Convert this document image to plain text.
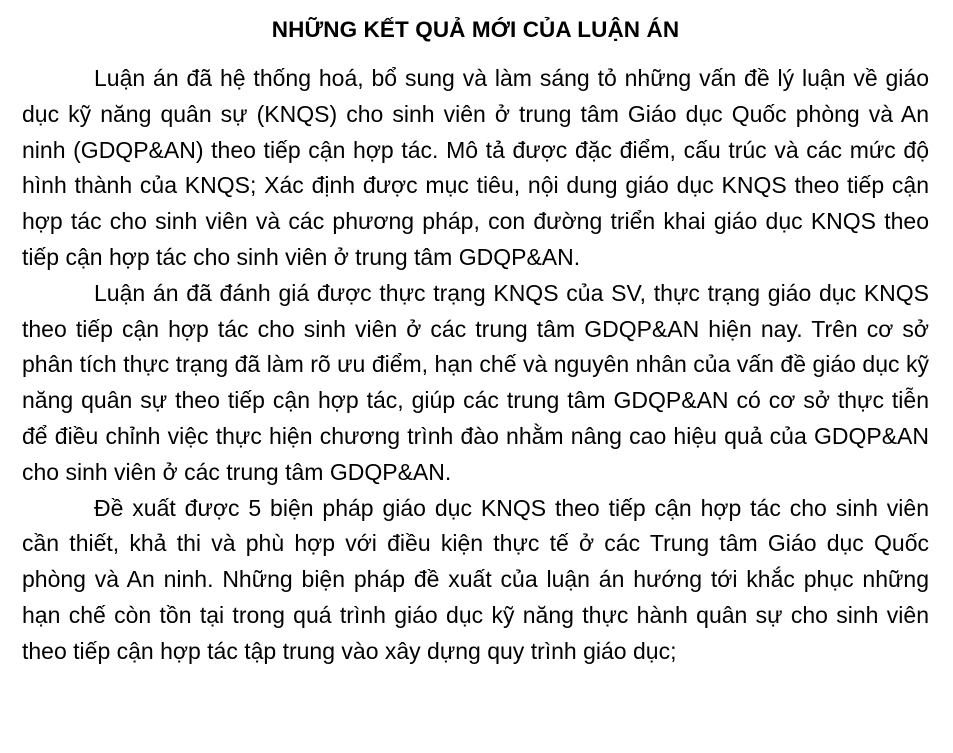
NHỮNG KẾT QUẢ MỚI CỦA LUẬN ÁN

Luận án đã hệ thống hoá, bổ sung và làm sáng tỏ những vấn đề lý luận về giáo dục kỹ năng quân sự (KNQS) cho sinh viên ở trung tâm Giáo dục Quốc phòng và An ninh (GDQP&AN) theo tiếp cận hợp tác. Mô tả được đặc điểm, cấu trúc và các mức độ hình thành của KNQS; Xác định được mục tiêu, nội dung giáo dục KNQS theo tiếp cận hợp tác cho sinh viên và các phương pháp, con đường triển khai giáo dục KNQS theo tiếp cận hợp tác cho sinh viên ở trung tâm GDQP&AN.

Luận án đã đánh giá được thực trạng KNQS của SV, thực trạng giáo dục KNQS theo tiếp cận hợp tác cho sinh viên ở các trung tâm GDQP&AN hiện nay. Trên cơ sở phân tích thực trạng đã làm rõ ưu điểm, hạn chế và nguyên nhân của vấn đề giáo dục kỹ năng quân sự theo tiếp cận hợp tác, giúp các trung tâm GDQP&AN có cơ sở thực tiễn để điều chỉnh việc thực hiện chương trình đào nhằm nâng cao hiệu quả của GDQP&AN cho sinh viên ở các trung tâm GDQP&AN.

Đề xuất được 5 biện pháp giáo dục KNQS theo tiếp cận hợp tác cho sinh viên cần thiết, khả thi và phù hợp với điều kiện thực tế ở các Trung tâm Giáo dục Quốc phòng và An ninh. Những biện pháp đề xuất của luận án hướng tới khắc phục những hạn chế còn tồn tại trong quá trình giáo dục kỹ năng thực hành quân sự cho sinh viên theo tiếp cận hợp tác tập trung vào xây dựng quy trình giáo dục;
